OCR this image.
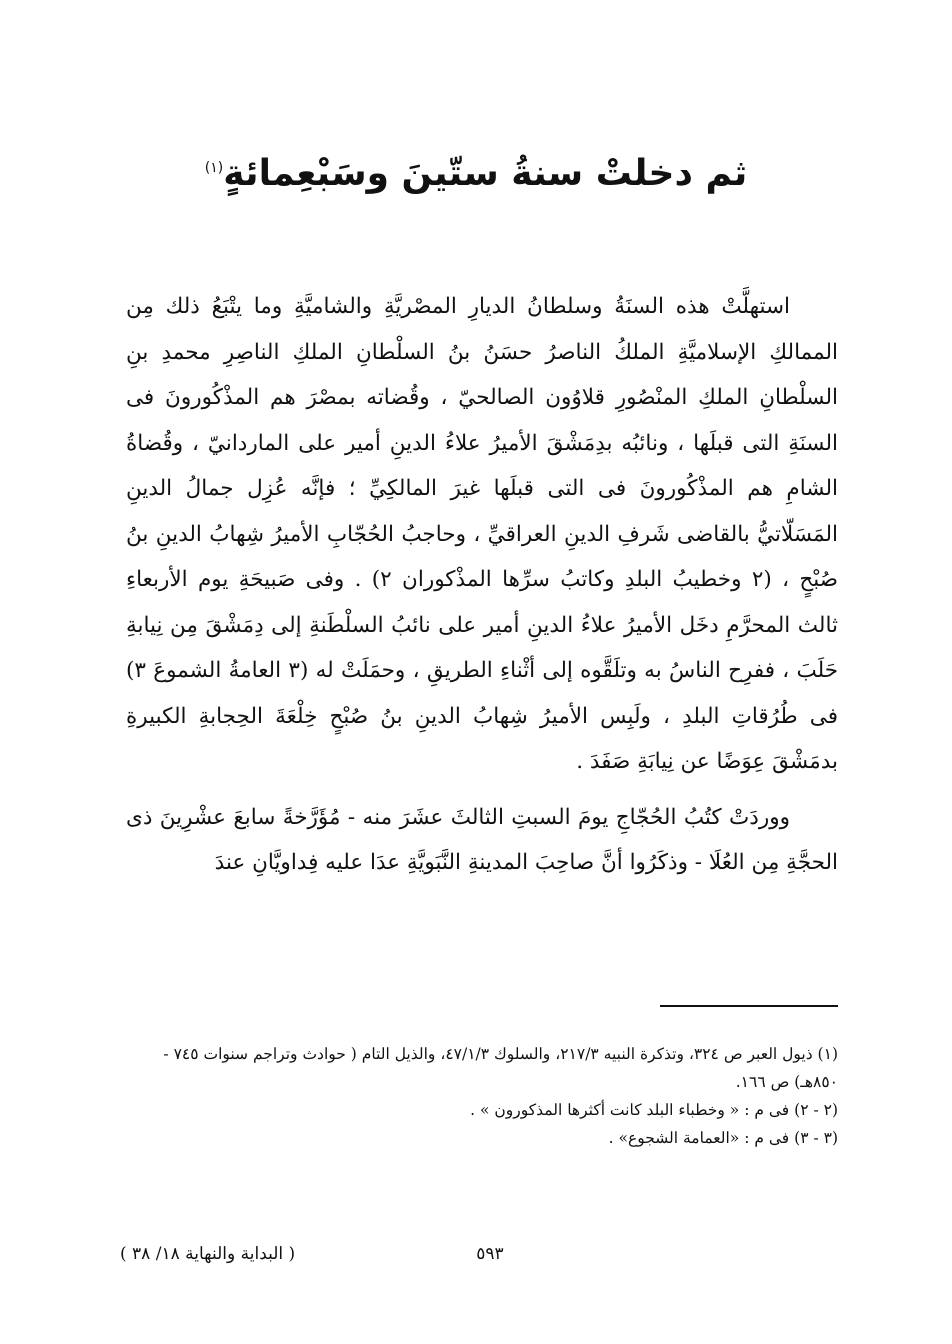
ثم دخلتْ سنةُ ستّينَ وسَبْعِمائةٍ$^{(١)}$

استهلَّتْ هذه السنَةُ وسلطانُ الديارِ المصْريَّةِ والشاميَّةِ وما يتْبَعُ ذلك مِن الممالكِ الإسلاميَّةِ الملكُ الناصرُ حسَنُ بنُ السلْطانِ الملكِ الناصِرِ محمدِ بنِ السلْطانِ الملكِ المنْصُورِ قلاوُون الصالحيّ ، وقُضاته بمصْرَ هم المذْكُورونَ فى السنَةِ التى قبلَها ، ونائبُه بدِمَشْقَ الأميرُ علاءُ الدينِ أمير على الماردانيّ ، وقُضاةُ الشامِ هم المذْكُورونَ فى التى قبلَها غيرَ المالكِيِّ ؛ فإنَّه عُزِل جمالُ الدينِ المَسَلّاتيُّ بالقاضى شَرفِ الدينِ العراقيِّ ، وحاجبُ الحُجّابِ الأميرُ شِهابُ الدينِ بنُ صُبْحٍ ، (٢ وخطيبُ البلدِ وكاتبُ سرِّها المذْكوران ٢) . وفى صَبيحَةِ يوم الأربعاءِ ثالث المحرَّمِ دخَل الأميرُ علاءُ الدينِ أمير على نائبُ السلْطَنةِ إلى دِمَشْقَ مِن نِيابةِ حَلَبَ ، ففرِح الناسُ به وتلَقَّوه إلى أثْناءِ الطريقِ ، وحمَلَتْ له (٣ العامةُ الشموعَ ٣) فى طُرُقاتِ البلدِ ، ولَبِس الأميرُ شِهابُ الدينِ بنُ صُبْحٍ خِلْعَةَ الحِجابةِ الكبيرةِ بدمَشْقَ عِوَضًا عن نِيابَةِ صَفَدَ .

ووردَتْ كتُبُ الحُجّاجِ يومَ السبتِ الثالثَ عشَرَ منه - مُؤَرَّخةً سابعَ عشْرِينَ ذى الحجَّةِ مِن العُلَا - وذكَرُوا أنَّ صاحِبَ المدينةِ النَّبَويَّةِ عدَا عليه فِداويَّانِ عندَ

(١) ذيول العبر ص ٣٢٤، وتذكرة النبيه ٢١٧/٣، والسلوك ٤٧/١/٣، والذيل التام ( حوادث وتراجم سنوات ٧٤٥ - ٨٥٠هـ) ص ١٦٦.
(٢ - ٢) فى م : « وخطباء البلد كانت أكثرها المذكورون » .
(٣ - ٣) فى م : «العمامة الشجوع» .
٥٩٣
( البداية والنهاية ١٨/ ٣٨ )
